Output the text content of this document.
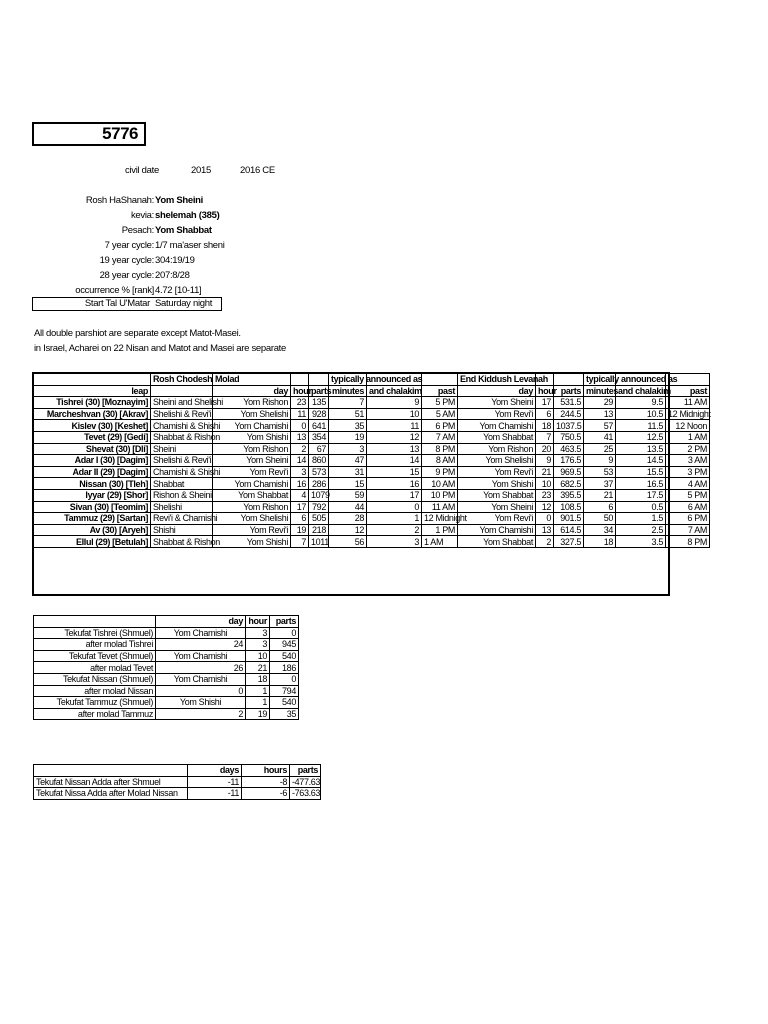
5776
civil date	2015	2016 CE
Rosh HaShanah: Yom Sheini
kevia: shelemah (385)
Pesach: Yom Shabbat
7 year cycle: 1/7 ma'aser sheni
19 year cycle: 304:19/19
28 year cycle: 207:8/28
occurrence % [rank] 4.72 [10-11]
Start Tal U'Matar Saturday night
All double parshiot are separate except Matot-Masei.
in Israel, Acharei on 22 Nisan and Matot and Masei are separate
	Rosh Chodesh	Molad			typically announced as			End Kiddush Levanah			typically announced as		
leap		day	hour	parts	minutes	and chalakim	past	day	hour	parts	minutes	and chalakim	past
Tishrei (30) [Moznayim]	Sheini and Shelishi	Yom Rishon	23	135	7	9	5 PM	Yom Sheini	17	531.5	29	9.5	11 AM
Marcheshvan (30) [Akrav]	Shelishi & Revi'i	Yom Shelishi	11	928	51	10	5 AM	Yom Revi'i	6	244.5	13	10.5	12 Midnight
Kislev (30) [Keshet]	Chamishi & Shishi	Yom Chamishi	0	641	35	11	6 PM	Yom Chamishi	18	1037.5	57	11.5	12 Noon
Tevet (29) [Gedi]	Shabbat & Rishon	Yom Shishi	13	354	19	12	7 AM	Yom Shabbat	7	750.5	41	12.5	1 AM
Shevat (30) [Dli]	Sheini	Yom Rishon	2	67	3	13	8 PM	Yom Rishon	20	463.5	25	13.5	2 PM
Adar I (30) [Dagim]	Shelishi & Revi'i	Yom Sheini	14	860	47	14	8 AM	Yom Shelishi	9	176.5	9	14.5	3 AM
Adar II (29) [Dagim]	Chamishi & Shishi	Yom Revi'i	3	573	31	15	9 PM	Yom Revi'i	21	969.5	53	15.5	3 PM
Nissan (30) [Tleh]	Shabbat	Yom Chamishi	16	286	15	16	10 AM	Yom Shishi	10	682.5	37	16.5	4 AM
Iyyar (29) [Shor]	Rishon & Sheini	Yom Shabbat	4	1079	59	17	10 PM	Yom Shabbat	23	395.5	21	17.5	5 PM
Sivan (30) [Teomim]	Shelishi	Yom Rishon	17	792	44	0	11 AM	Yom Sheini	12	108.5	6	0.5	6 AM
Tammuz (29) [Sartan]	Revi'i & Chamishi	Yom Shelishi	6	505	28	1	12 Midnight	Yom Revi'i	0	901.5	50	1.5	6 PM
Av (30) [Aryeh]	Shishi	Yom Revi'i	19	218	12	2	1 PM	Yom Chamishi	13	614.5	34	2.5	7 AM
Ellul (29) [Betulah]	Shabbat & Rishon	Yom Shishi	7	1011	56	3	1 AM	Yom Shabbat	2	327.5	18	3.5	8 PM
	day	hour	parts
Tekufat Tishrei (Shmuel)	Yom Chamishi	3	0
after molad Tishrei	24	3	945
Tekufat Tevet (Shmuel)	Yom Chamishi	10	540
after molad Tevet	26	21	186
Tekufat Nissan (Shmuel)	Yom Chamishi	18	0
after molad Nissan	0	1	794
Tekufat Tammuz (Shmuel)	Yom Shishi	1	540
after molad Tammuz	2	19	35
	days	hours	parts
Tekufat Nissan Adda after Shmuel	-11	-8	-477.63
Tekufat Nissa Adda after Molad Nissan	-11	-6	-763.63
